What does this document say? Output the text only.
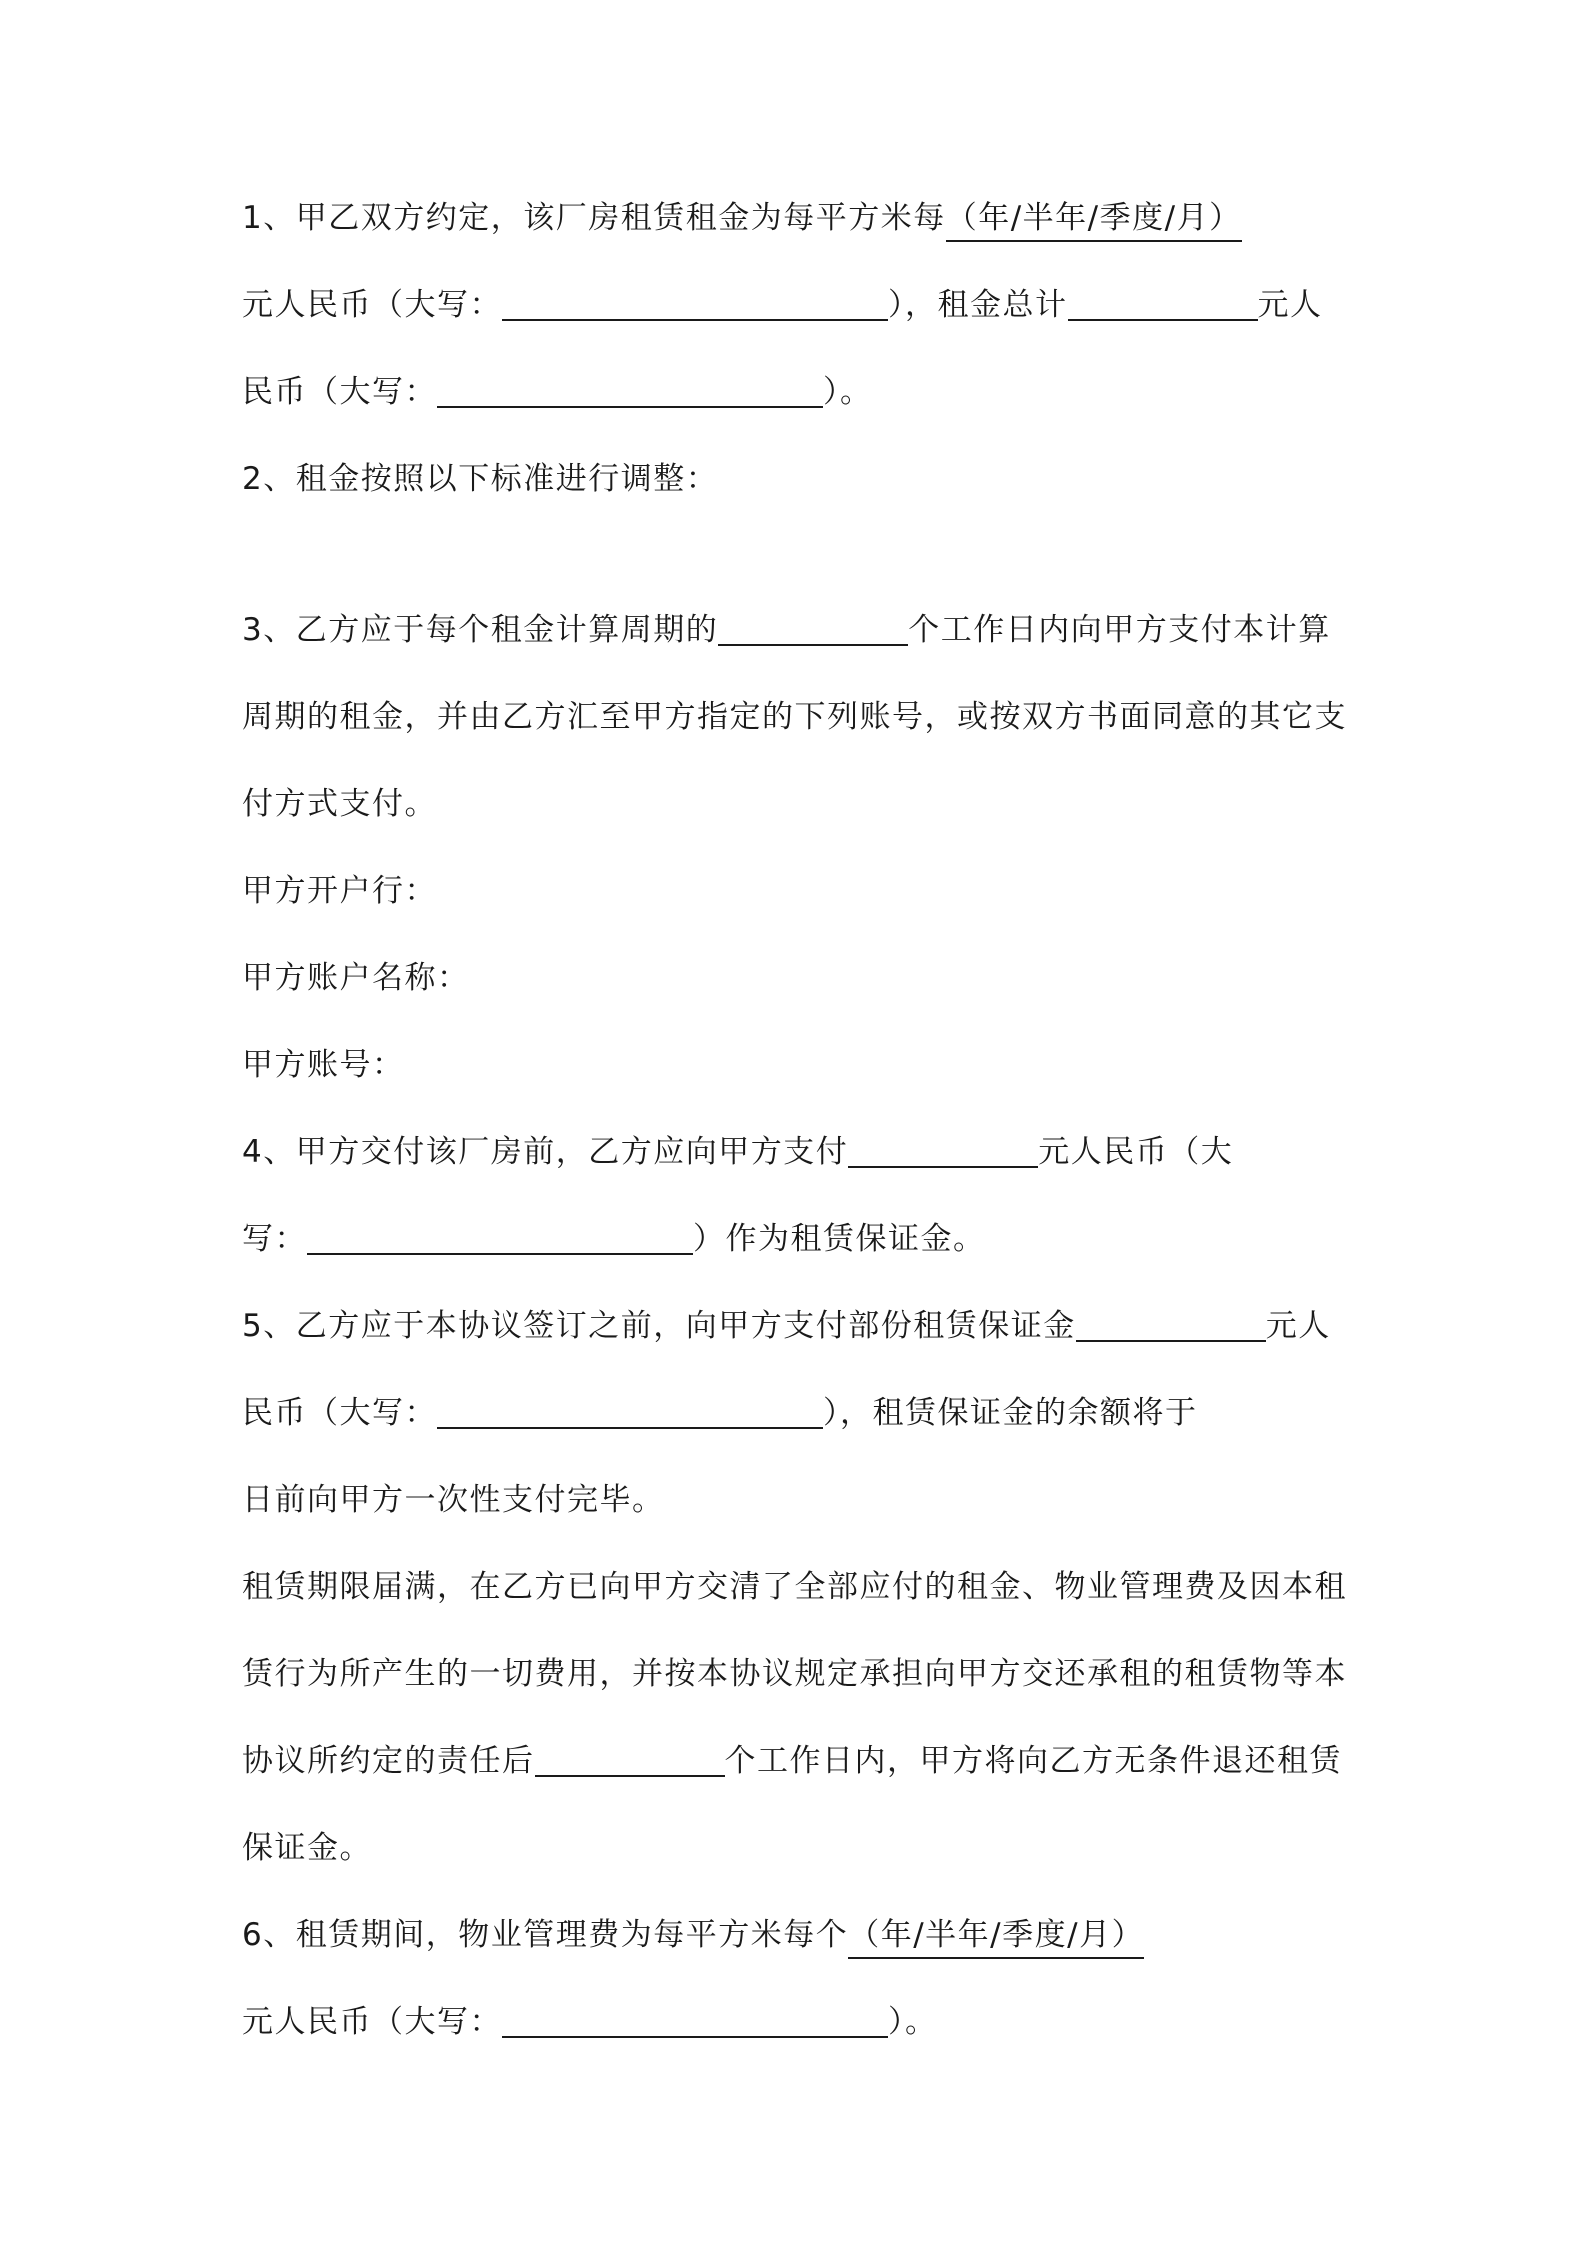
1、甲乙双方约定，该厂房租赁租金为每平方米每（年/半年/季度/月）
元人民币（大写：	），租金总计	元人
民币（大写：	）。
2、租金按照以下标准进行调整：
3、乙方应于每个租金计算周期的	个工作日内向甲方支付本计算
周期的租金，并由乙方汇至甲方指定的下列账号，或按双方书面同意的其它支
付方式支付。
甲方开户行：
甲方账户名称：
甲方账号：
4、甲方交付该厂房前，乙方应向甲方支付	元人民币（大
写：	）作为租赁保证金。
5、乙方应于本协议签订之前，向甲方支付部份租赁保证金	元人
民币（大写：	），租赁保证金的余额将于
日前向甲方一次性支付完毕。
租赁期限届满，在乙方已向甲方交清了全部应付的租金、物业管理费及因本租
赁行为所产生的一切费用，并按本协议规定承担向甲方交还承租的租赁物等本
协议所约定的责任后	个工作日内，甲方将向乙方无条件退还租赁
保证金。
6、租赁期间，物业管理费为每平方米每个（年/半年/季度/月）
元人民币（大写：	）。
